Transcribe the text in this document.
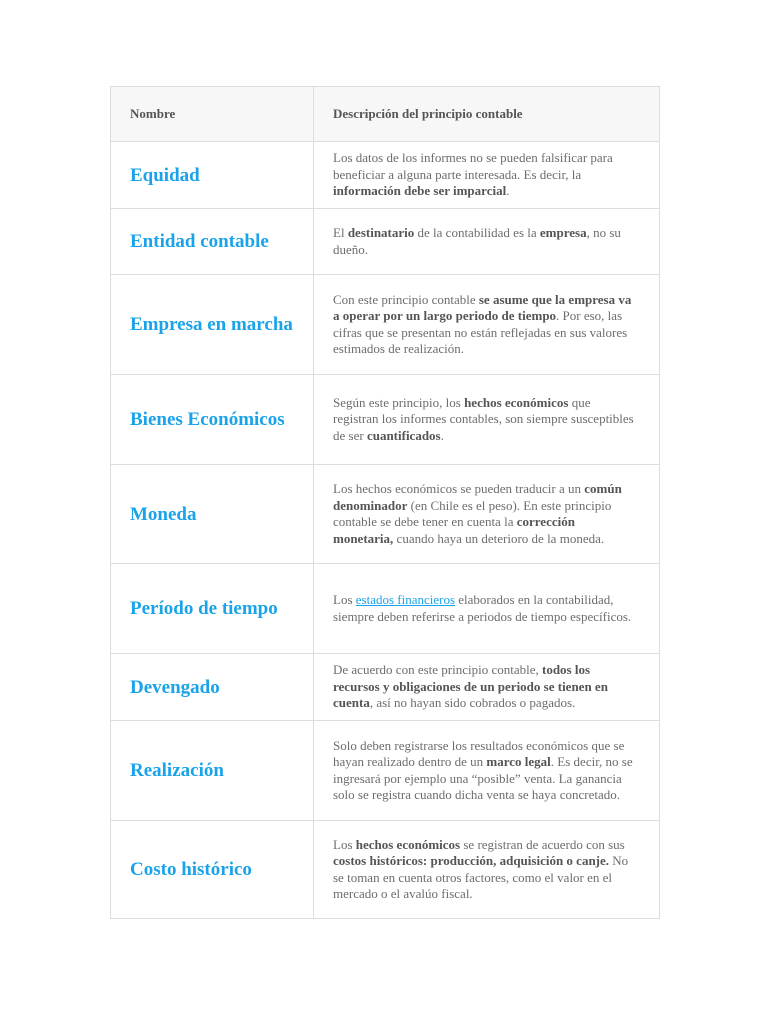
Nombre	Descripción del principio contable
Equidad	Los datos de los informes no se pueden falsificar para beneficiar a alguna parte interesada. Es decir, la información debe ser imparcial.
Entidad contable	El destinatario de la contabilidad es la empresa, no su dueño.
Empresa en marcha	Con este principio contable se asume que la empresa va a operar por un largo periodo de tiempo. Por eso, las cifras que se presentan no están reflejadas en sus valores estimados de realización.
Bienes Económicos	Según este principio, los hechos económicos que registran los informes contables, son siempre susceptibles de ser cuantificados.
Moneda	Los hechos económicos se pueden traducir a un común denominador (en Chile es el peso). En este principio contable se debe tener en cuenta la corrección monetaria, cuando haya un deterioro de la moneda.
Período de tiempo	Los estados financieros elaborados en la contabilidad, siempre deben referirse a periodos de tiempo específicos.
Devengado	De acuerdo con este principio contable, todos los recursos y obligaciones de un periodo se tienen en cuenta, así no hayan sido cobrados o pagados.
Realización	Solo deben registrarse los resultados económicos que se hayan realizado dentro de un marco legal. Es decir, no se ingresará por ejemplo una “posible” venta. La ganancia solo se registra cuando dicha venta se haya concretado.
Costo histórico	Los hechos económicos se registran de acuerdo con sus costos históricos: producción, adquisición o canje. No se toman en cuenta otros factores, como el valor en el mercado o el avalúo fiscal.
